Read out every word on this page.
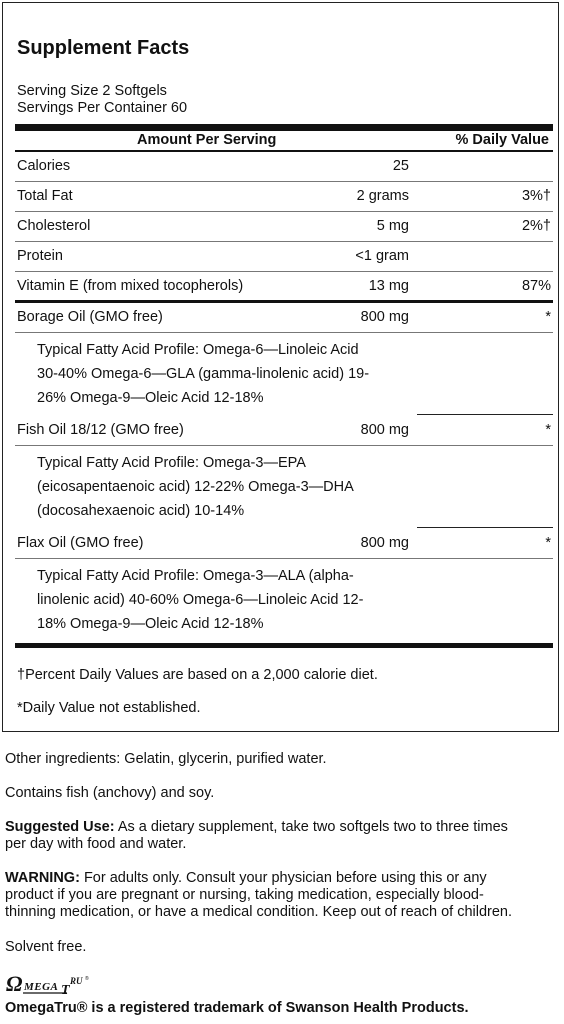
Supplement Facts
Serving Size 2 Softgels
Servings Per Container 60
Amount Per Serving	% Daily Value
Calories	25
Total Fat	2 grams	3%†
Cholesterol	5 mg	2%†
Protein	<1 gram
Vitamin E (from mixed tocopherols)	13 mg	87%
Borage Oil (GMO free)	800 mg	*
Typical Fatty Acid Profile: Omega-6—Linoleic Acid
30-40% Omega-6—GLA (gamma-linolenic acid) 19-
26% Omega-9—Oleic Acid 12-18%
Fish Oil 18/12 (GMO free)	800 mg	*
Typical Fatty Acid Profile: Omega-3—EPA
(eicosapentaenoic acid) 12-22% Omega-3—DHA
(docosahexaenoic acid) 10-14%
Flax Oil (GMO free)	800 mg	*
Typical Fatty Acid Profile: Omega-3—ALA (alpha-
linolenic acid) 40-60% Omega-6—Linoleic Acid 12-
18% Omega-9—Oleic Acid 12-18%
†Percent Daily Values are based on a 2,000 calorie diet.
*Daily Value not established.
Other ingredients: Gelatin, glycerin, purified water.
Contains fish (anchovy) and soy.
Suggested Use: As a dietary supplement, take two softgels two to three times
per day with food and water.
WARNING: For adults only. Consult your physician before using this or any
product if you are pregnant or nursing, taking medication, especially blood-
thinning medication, or have a medical condition. Keep out of reach of children.
Solvent free.
Ω MEGA T
RU ®
OmegaTru® is a registered trademark of Swanson Health Products.
